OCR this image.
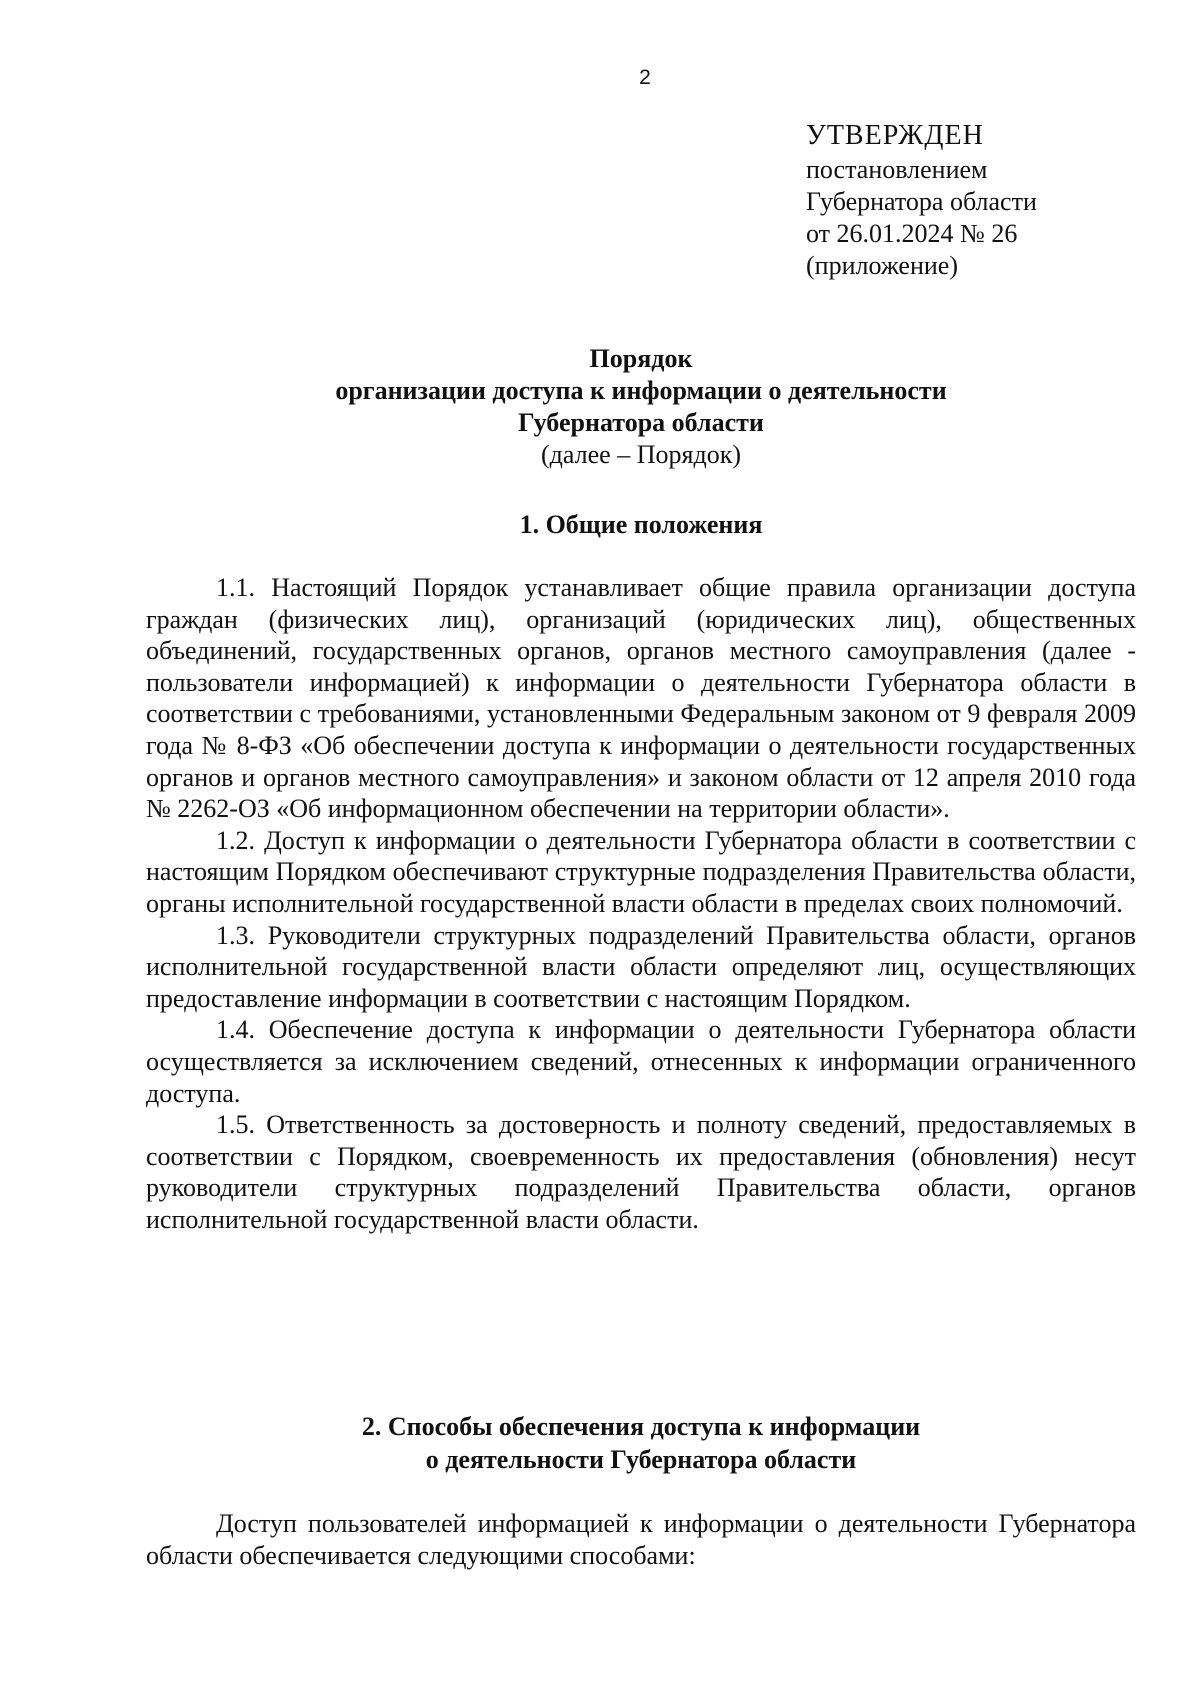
2
УТВЕРЖДЕН
постановлением
Губернатора области
от 26.01.2024 № 26
(приложение)
Порядок
организации доступа к информации о деятельности
Губернатора области
(далее – Порядок)
1. Общие положения

1.1. Настоящий Порядок устанавливает общие правила организации доступа граждан (физических лиц), организаций (юридических лиц), общественных объединений, государственных органов, органов местного самоуправления (далее - пользователи информацией) к информации о деятельности Губернатора области в соответствии с требованиями, установленными Федеральным законом от 9 февраля 2009 года № 8-ФЗ «Об обеспечении доступа к информации о деятельности государственных органов и органов местного самоуправления» и законом области от 12 апреля 2010 года № 2262-ОЗ «Об информационном обеспечении на территории области».

1.2. Доступ к информации о деятельности Губернатора области в соответствии с настоящим Порядком обеспечивают структурные подразделения Правительства области, органы исполнительной государственной власти области в пределах своих полномочий.

1.3. Руководители структурных подразделений Правительства области, органов исполнительной государственной власти области определяют лиц, осуществляющих предоставление информации в соответствии с настоящим Порядком.

1.4. Обеспечение доступа к информации о деятельности Губернатора области осуществляется за исключением сведений, отнесенных к информации ограниченного доступа.

1.5. Ответственность за достоверность и полноту сведений, предоставляемых в соответствии с Порядком, своевременность их предоставления (обновления) несут руководители структурных подразделений Правительства области, органов исполнительной государственной власти области.

2. Способы обеспечения доступа к информации
о деятельности Губернатора области

Доступ пользователей информацией к информации о деятельности Губернатора области обеспечивается следующими способами:
